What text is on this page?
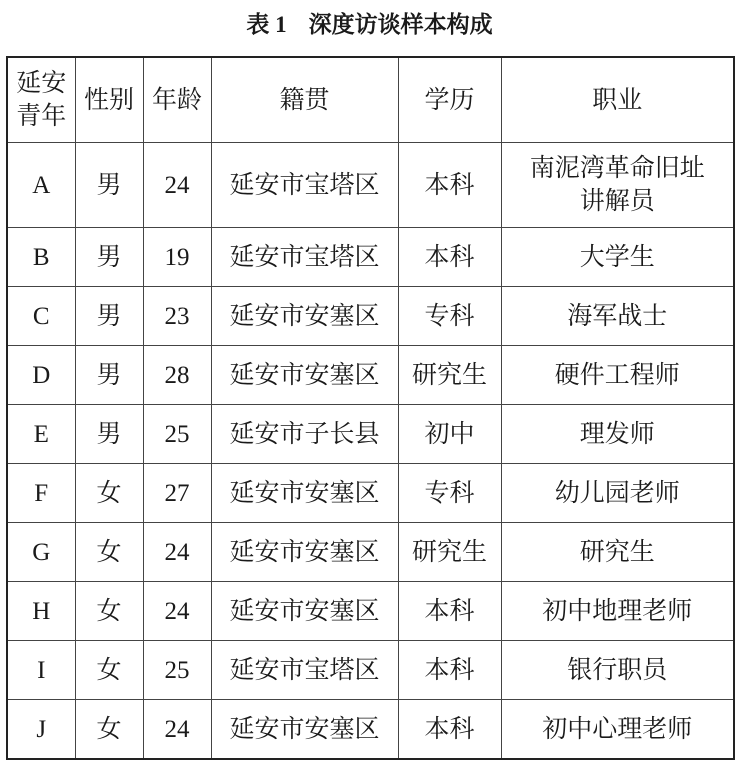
表 1 深度访谈样本构成
延安
青年	性别	年龄	籍贯	学历	职业

A	男	24	延安市宝塔区	本科	南泥湾革命旧址
讲解员

B	男	19	延安市宝塔区	本科	大学生

C	男	23	延安市安塞区	专科	海军战士

D	男	28	延安市安塞区	研究生	硬件工程师

E	男	25	延安市子长县	初中	理发师

F	女	27	延安市安塞区	专科	幼儿园老师

G	女	24	延安市安塞区	研究生	研究生

H	女	24	延安市安塞区	本科	初中地理老师

I	女	25	延安市宝塔区	本科	银行职员

J	女	24	延安市安塞区	本科	初中心理老师
